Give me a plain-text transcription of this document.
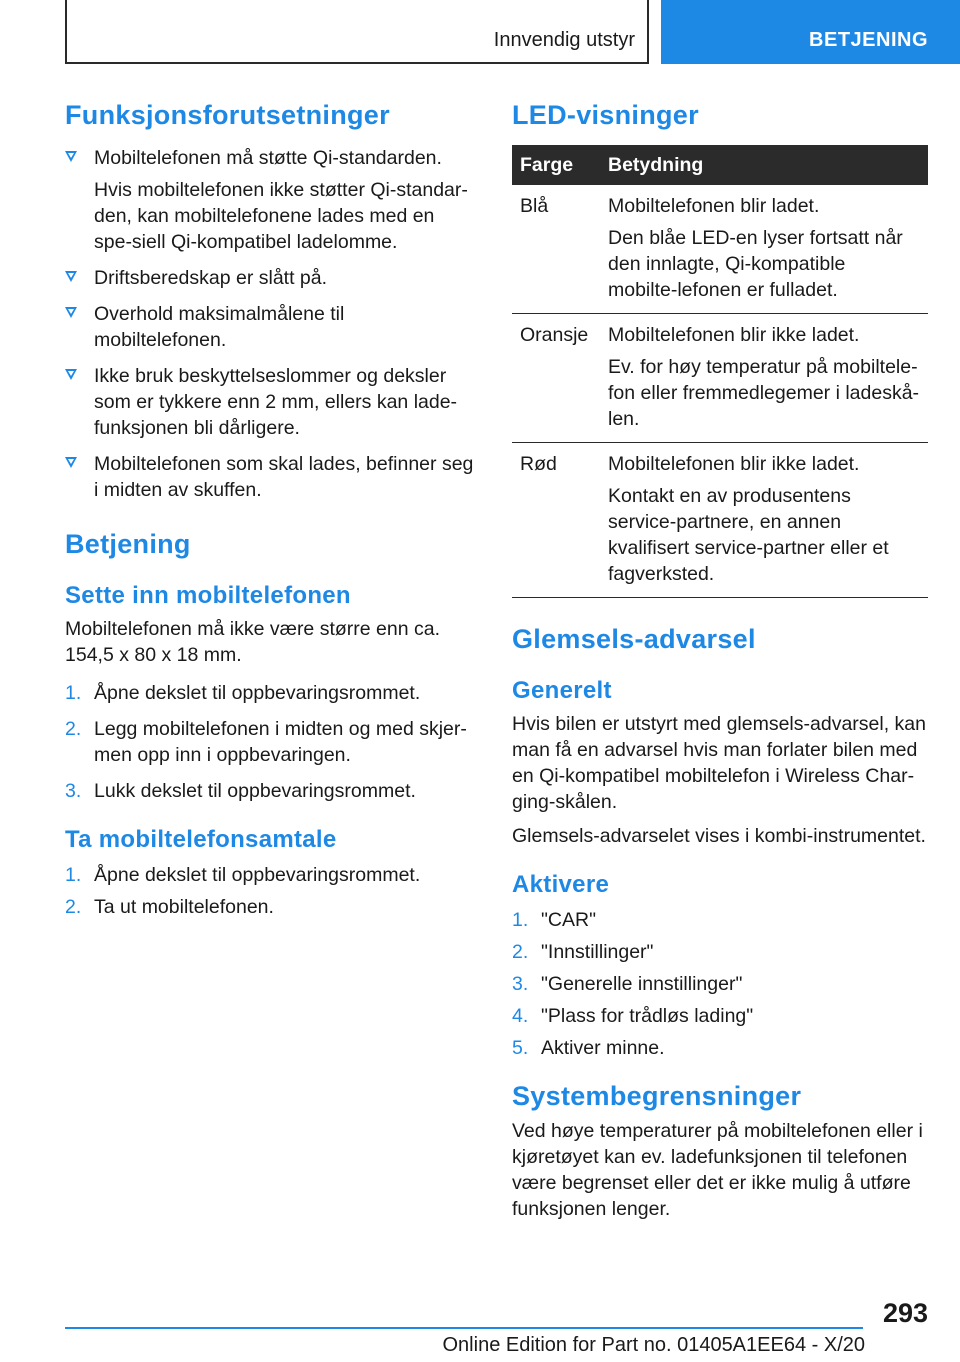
Innvendig utstyr	BETJENING
Funksjonsforutsetninger
Mobiltelefonen må støtte Qi-standarden.
Hvis mobiltelefonen ikke støtter Qi-standar-den, kan mobiltelefonene lades med en spe-siell Qi-kompatibel ladelomme.
Driftsberedskap er slått på.
Overhold maksimalmålene til mobiltelefonen.
Ikke bruk beskyttelseslommer og deksler som er tykkere enn 2 mm, ellers kan lade-funksjonen bli dårligere.
Mobiltelefonen som skal lades, befinner seg i midten av skuffen.
Betjening
Sette inn mobiltelefonen

Mobiltelefonen må ikke være større enn ca. 154,5 x 80 x 18 mm.

1. Åpne dekslet til oppbevaringsrommet.
2. Legg mobiltelefonen i midten og med skjer-men opp inn i oppbevaringen.
3. Lukk dekslet til oppbevaringsrommet.
Ta mobiltelefonsamtale
1. Åpne dekslet til oppbevaringsrommet.
2. Ta ut mobiltelefonen.
LED-visninger
Farge	Betydning
Blå	Mobiltelefonen blir ladet.
Den blåe LED-en lyser fortsatt når den innlagte, Qi-kompatible mobilte-lefonen er fulladet.

Oransje	Mobiltelefonen blir ikke ladet.
Ev. for høy temperatur på mobiltele-fon eller fremmedlegemer i ladeskå-len.

Rød	Mobiltelefonen blir ikke ladet.
Kontakt en av produsentens service-partnere, en annen kvalifisert service-partner eller et fagverksted.
Glemsels-advarsel
Generelt

Hvis bilen er utstyrt med glemsels-advarsel, kan man få en advarsel hvis man forlater bilen med en Qi-kompatibel mobiltelefon i Wireless Char-ging-skålen.

Glemsels-advarselet vises i kombi-instrumentet.

Aktivere
1. "CAR"
2. "Innstillinger"
3. "Generelle innstillinger"
4. "Plass for trådløs lading"
5. Aktiver minne.
Systembegrensninger

Ved høye temperaturer på mobiltelefonen eller i kjøretøyet kan ev. ladefunksjonen til telefonen være begrenset eller det er ikke mulig å utføre funksjonen lenger.

293
Online Edition for Part no. 01405A1EE64 - X/20
